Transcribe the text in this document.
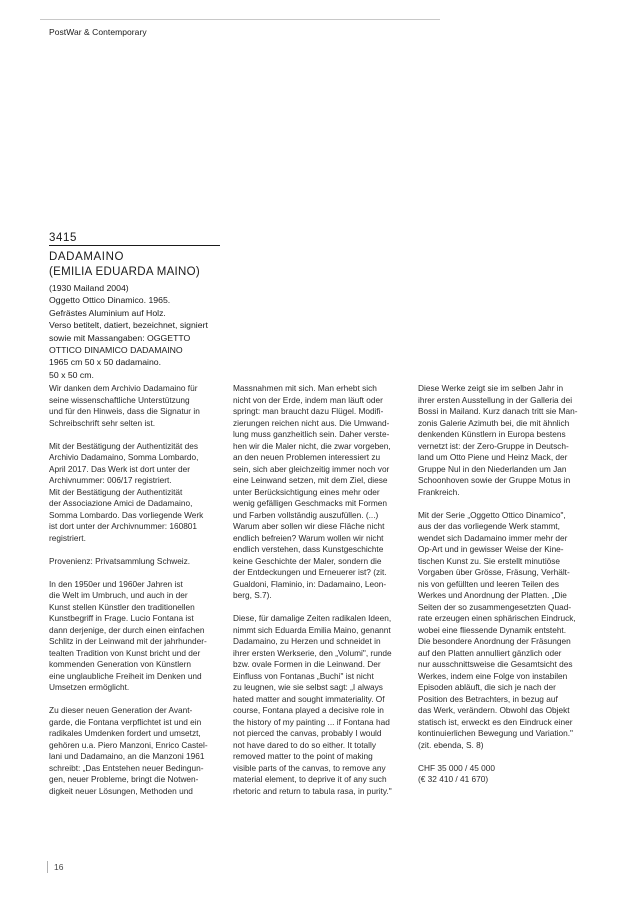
PostWar & Contemporary
3415
DADAMAINO
(EMILIA EDUARDA MAINO)
(1930 Mailand 2004)
Oggetto Ottico Dinamico. 1965.
Gefrästes Aluminium auf Holz.
Verso betitelt, datiert, bezeichnet, signiert
sowie mit Massangaben: OGGETTO
OTTICO DINAMICO DADAMAINO
1965 cm 50 x 50 dadamaino.
50 x 50 cm.
Wir danken dem Archivio Dadamaino für
seine wissenschaftliche Unterstützung
und für den Hinweis, dass die Signatur in
Schreibschrift sehr selten ist.
Mit der Bestätigung der Authentizität des
Archivio Dadamaino, Somma Lombardo,
April 2017. Das Werk ist dort unter der
Archivnummer: 006/17 registriert.
Mit der Bestätigung der Authentizität
der Associazione Amici de Dadamaino,
Somma Lombardo. Das vorliegende Werk
ist dort unter der Archivnummer: 160801
registriert.
Provenienz: Privatsammlung Schweiz.
In den 1950er und 1960er Jahren ist
die Welt im Umbruch, und auch in der
Kunst stellen Künstler den traditionellen
Kunstbegriff in Frage. Lucio Fontana ist
dann derjenige, der durch einen einfachen
Schlitz in der Leinwand mit der jahrhunder-
tealten Tradition von Kunst bricht und der
kommenden Generation von Künstlern
eine unglaubliche Freiheit im Denken und
Umsetzen ermöglicht.
Zu dieser neuen Generation der Avant-
garde, die Fontana verpflichtet ist und ein
radikales Umdenken fordert und umsetzt,
gehören u.a. Piero Manzoni, Enrico Castel-
lani und Dadamaino, an die Manzoni 1961
schreibt: „Das Entstehen neuer Bedingun-
gen, neuer Probleme, bringt die Notwen-
digkeit neuer Lösungen, Methoden und
Massnahmen mit sich. Man erhebt sich
nicht von der Erde, indem man läuft oder
springt: man braucht dazu Flügel. Modifi-
zierungen reichen nicht aus. Die Umwand-
lung muss ganzheitlich sein. Daher verste-
hen wir die Maler nicht, die zwar vorgeben,
an den neuen Problemen interessiert zu
sein, sich aber gleichzeitig immer noch vor
eine Leinwand setzen, mit dem Ziel, diese
unter Berücksichtigung eines mehr oder
wenig gefälligen Geschmacks mit Formen
und Farben vollständig auszufüllen. (...)
Warum aber sollen wir diese Fläche nicht
endlich befreien? Warum wollen wir nicht
endlich verstehen, dass Kunstgeschichte
keine Geschichte der Maler, sondern die
der Entdeckungen und Erneuerer ist? (zit.
Gualdoni, Flaminio, in: Dadamaino, Leon-
berg, S.7).
Diese, für damalige Zeiten radikalen Ideen,
nimmt sich Eduarda Emilia Maino, genannt
Dadamaino, zu Herzen und schneidet in
ihrer ersten Werkserie, den „Volumi", runde
bzw. ovale Formen in die Leinwand. Der
Einfluss von Fontanas „Buchi" ist nicht
zu leugnen, wie sie selbst sagt: „I always
hated matter and sought immateriality. Of
course, Fontana played a decisive role in
the history of my painting ... if Fontana had
not pierced the canvas, probably I would
not have dared to do so either. It totally
removed matter to the point of making
visible parts of the canvas, to remove any
material element, to deprive it of any such
rhetoric and return to tabula rasa, in purity."
Diese Werke zeigt sie im selben Jahr in
ihrer ersten Ausstellung in der Galleria dei
Bossi in Mailand. Kurz danach tritt sie Man-
zonis Galerie Azimuth bei, die mit ähnlich
denkenden Künstlern in Europa bestens
vernetzt ist: der Zero-Gruppe in Deutsch-
land um Otto Piene und Heinz Mack, der
Gruppe Nul in den Niederlanden um Jan
Schoonhoven sowie der Gruppe Motus in
Frankreich.
Mit der Serie „Oggetto Ottico Dinamico",
aus der das vorliegende Werk stammt,
wendet sich Dadamaino immer mehr der
Op-Art und in gewisser Weise der Kine-
tischen Kunst zu. Sie erstellt minutiöse
Vorgaben über Grösse, Fräsung, Verhält-
nis von gefüllten und leeren Teilen des
Werkes und Anordnung der Platten. „Die
Seiten der so zusammengesetzten Quad-
rate erzeugen einen sphärischen Eindruck,
wobei eine fliessende Dynamik entsteht.
Die besondere Anordnung der Fräsungen
auf den Platten annulliert gänzlich oder
nur ausschnittsweise die Gesamtsicht des
Werkes, indem eine Folge von instabilen
Episoden abläuft, die sich je nach der
Position des Betrachters, in bezug auf
das Werk, verändern. Obwohl das Objekt
statisch ist, erweckt es den Eindruck einer
kontinuierlichen Bewegung und Variation."
(zit. ebenda, S. 8)
CHF 35 000 / 45 000
(€ 32 410 / 41 670)
16
